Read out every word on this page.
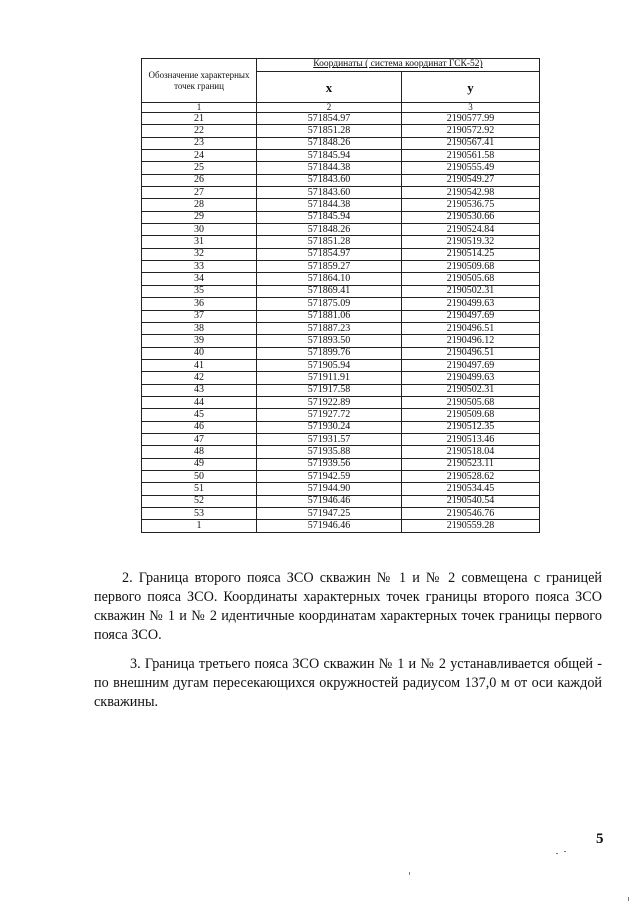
Обозначение характерных точек границ	Координаты ( система координат ГСК-52)	
	х	у
1	2	3
21	571854.97	2190577.99
22	571851.28	2190572.92
23	571848.26	2190567.41
24	571845.94	2190561.58
25	571844.38	2190555.49
26	571843.60	2190549.27
27	571843.60	2190542.98
28	571844.38	2190536.75
29	571845.94	2190530.66
30	571848.26	2190524.84
31	571851.28	2190519.32
32	571854.97	2190514.25
33	571859.27	2190509.68
34	571864.10	2190505.68
35	571869.41	2190502.31
36	571875.09	2190499.63
37	571881.06	2190497.69
38	571887.23	2190496.51
39	571893.50	2190496.12
40	571899.76	2190496.51
41	571905.94	2190497.69
42	571911.91	2190499.63
43	571917.58	2190502.31
44	571922.89	2190505.68
45	571927.72	2190509.68
46	571930.24	2190512.35
47	571931.57	2190513.46
48	571935.88	2190518.04
49	571939.56	2190523.11
50	571942.59	2190528.62
51	571944.90	2190534.45
52	571946.46	2190540.54
53	571947.25	2190546.76
1	571946.46	2190559.28

2. Граница второго пояса ЗСО скважин № 1 и № 2 совмещена с границей первого пояса ЗСО. Координаты характерных точек границы второго пояса ЗСО скважин № 1 и № 2 идентичные координатам характерных точек границы первого пояса ЗСО.

3. Граница третьего пояса ЗСО скважин № 1 и № 2 устанавливается общей - по внешним дугам пересекающихся окружностей радиусом 137,0 м от оси каждой скважины.

5
